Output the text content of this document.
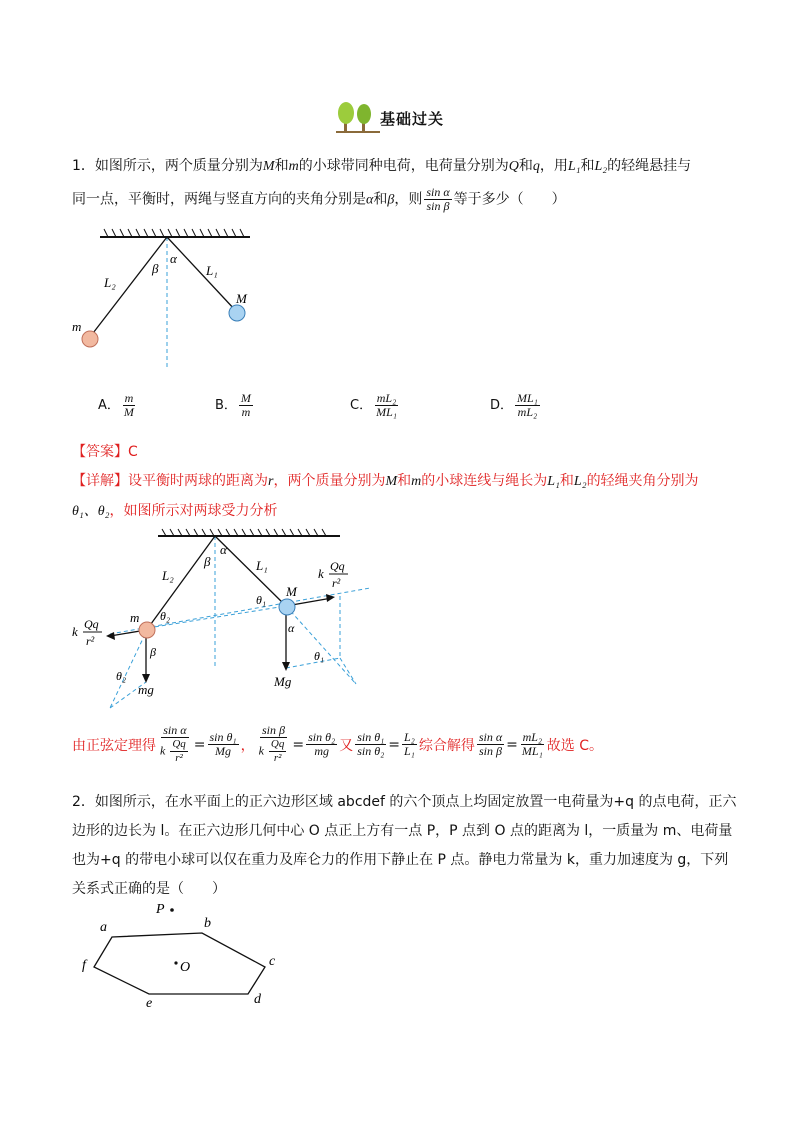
基础过关
1．如图所示，两个质量分别为M和m的小球带同种电荷，电荷量分别为Q和q，用L₁和L₂的轻绳悬挂与
同一点，平衡时，两绳与竖直方向的夹角分别是α和β，则 $\frac{\text{sin α}}{\text{sin β}}$ 等于多少（　　）
L₂
L₁
m
M
α
β
A． $\frac{m}{M}$	B． $\frac{M}{m}$	C． $\frac{\text{mL₂}}{\text{ML₁}}$	D． $\frac{\text{ML₁}}{\text{mL₂}}$
【答案】C
【详解】设平衡时两球的距离为r，两个质量分别为M和m的小球连线与绳长为L₁和L₂的轻绳夹角分别为
θ₁、θ₂，如图所示对两球受力分析
L₂
L₁
m
M
α
β
θ₂
θ₁
α
β
θ₂
θ₁
mg
Mg
k Qq
r²
k Qq
r²
由正弦定理得 $\frac{\text{sin α}}{k \frac{Qq}{\text{r²}}} = \frac{\text{sin θ₁}}{Mg}$ ， $\frac{\text{sin β}}{k \frac{Qq}{\text{r²}}} = \frac{\text{sin θ₂}}{mg}$ 又 $\frac{\text{sin θ₁}}{\text{sin θ₂}} = \frac{\text{L₂}}{\text{L₁}}$ 综合解得 $\frac{\text{sin α}}{\text{sin β}} = \frac{\text{mL₂}}{\text{ML₁}}$ 故选 C。
2．如图所示，在水平面上的正六边形区域 abcdef 的六个顶点上均固定放置一电荷量为+q 的点电荷，正六
边形的边长为 l。在正六边形几何中心 O 点正上方有一点 P，P 点到 O 点的距离为 l，一质量为 m、电荷量
也为+q 的带电小球可以仅在重力及库仑力的作用下静止在 P 点。静电力常量为 k，重力加速度为 g，下列
关系式正确的是（　　）
P
a	b
c
d
e
f	O
